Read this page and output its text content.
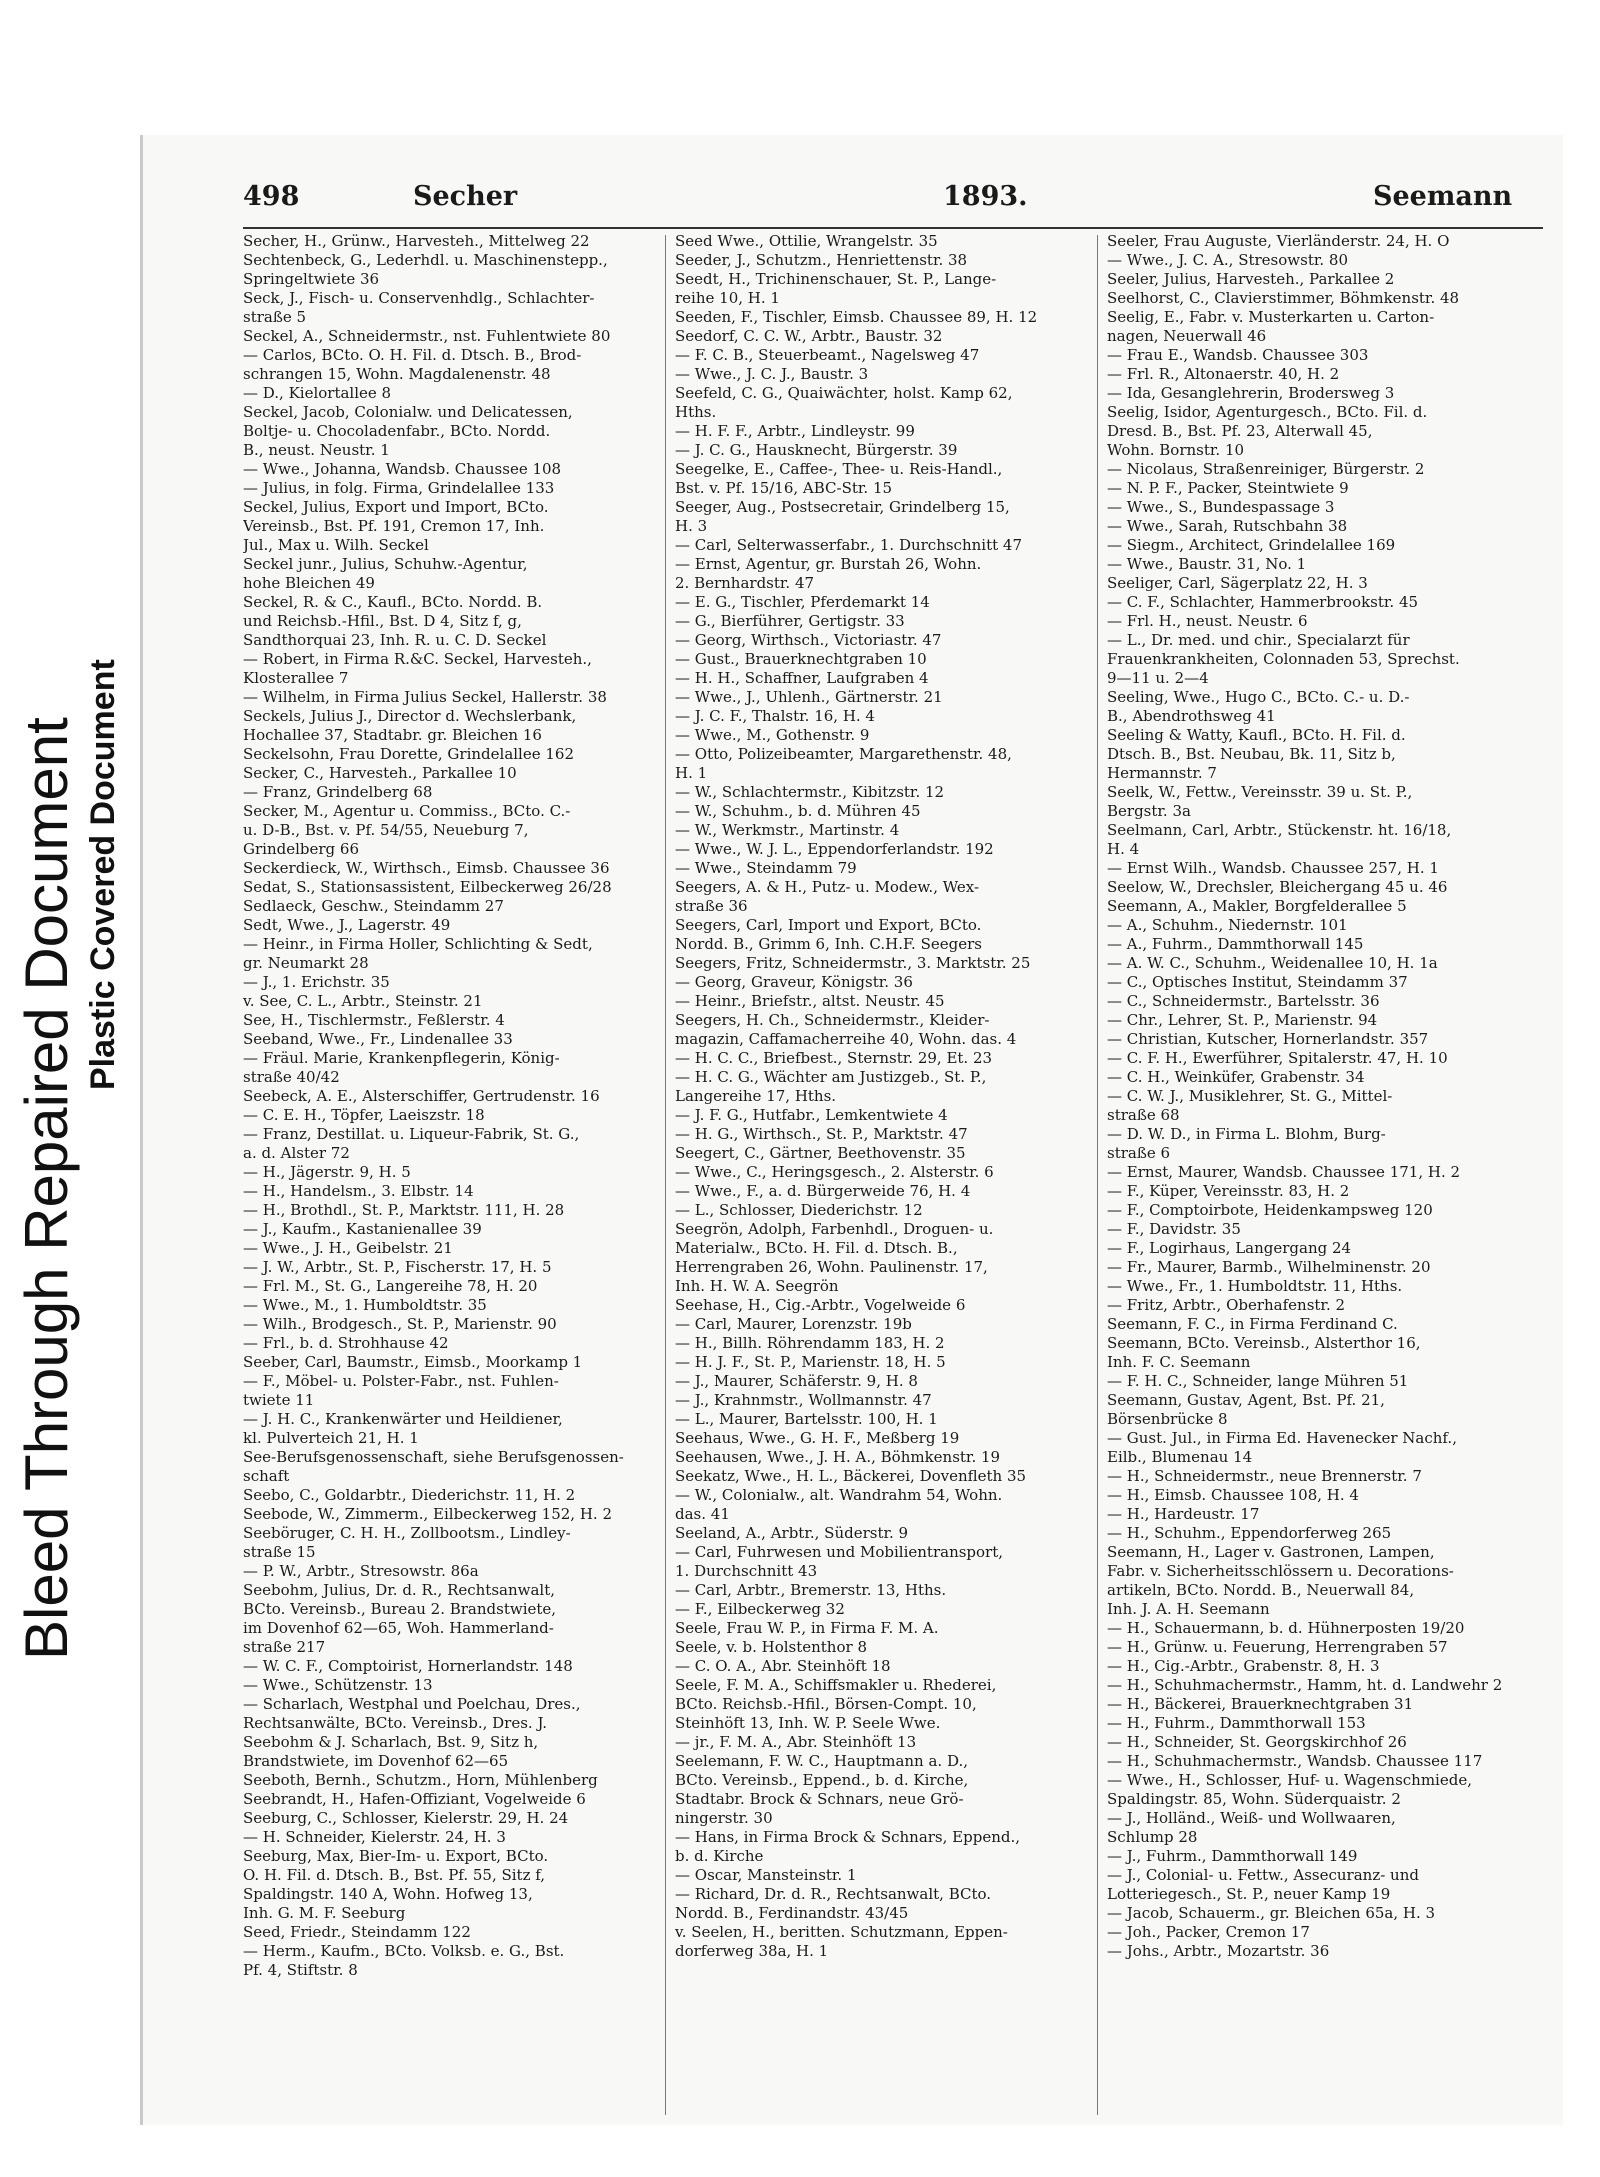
Bleed Through Repaired Document Plastic Covered Document
498	Secher	1893.	Seemann
Secher, H., Grünw., Harvesteh., Mittelweg 22
Sechtenbeck, G., Lederhdl. u. Maschinenstepp.,
Springeltwiete 36
Seck, J., Fisch- u. Conservenhdlg., Schlachter-
straße 5
Seckel, A., Schneidermstr., nst. Fuhlentwiete 80
— Carlos, BCto. O. H. Fil. d. Dtsch. B., Brod-
schrangen 15, Wohn. Magdalenenstr. 48
— D., Kielortallee 8
Seckel, Jacob, Colonialw. und Delicatessen,
Boltje- u. Chocoladenfabr., BCto. Nordd.
B., neust. Neustr. 1
— Wwe., Johanna, Wandsb. Chaussee 108
— Julius, in folg. Firma, Grindelallee 133
Seckel, Julius, Export und Import, BCto.
Vereinsb., Bst. Pf. 191, Cremon 17, Inh.
Jul., Max u. Wilh. Seckel
Seckel junr., Julius, Schuhw.-Agentur,
hohe Bleichen 49
Seckel, R. & C., Kaufl., BCto. Nordd. B.
und Reichsb.-Hfil., Bst. D 4, Sitz f, g,
Sandthorquai 23, Inh. R. u. C. D. Seckel
— Robert, in Firma R.&C. Seckel, Harvesteh.,
Klosterallee 7
— Wilhelm, in Firma Julius Seckel, Hallerstr. 38
Seckels, Julius J., Director d. Wechslerbank,
Hochallee 37, Stadtabr. gr. Bleichen 16
Seckelsohn, Frau Dorette, Grindelallee 162
Secker, C., Harvesteh., Parkallee 10
— Franz, Grindelberg 68
Secker, M., Agentur u. Commiss., BCto. C.-
u. D-B., Bst. v. Pf. 54/55, Neueburg 7,
Grindelberg 66
Seckerdieck, W., Wirthsch., Eimsb. Chaussee 36
Sedat, S., Stationsassistent, Eilbeckerweg 26/28
Sedlaeck, Geschw., Steindamm 27
Sedt, Wwe., J., Lagerstr. 49
— Heinr., in Firma Holler, Schlichting & Sedt,
gr. Neumarkt 28
— J., 1. Erichstr. 35
v. See, C. L., Arbtr., Steinstr. 21
See, H., Tischlermstr., Feßlerstr. 4
Seeband, Wwe., Fr., Lindenallee 33
— Fräul. Marie, Krankenpflegerin, König-
straße 40/42
Seebeck, A. E., Alsterschiffer, Gertrudenstr. 16
— C. E. H., Töpfer, Laeiszstr. 18
— Franz, Destillat. u. Liqueur-Fabrik, St. G.,
a. d. Alster 72
— H., Jägerstr. 9, H. 5
— H., Handelsm., 3. Elbstr. 14
— H., Brothdl., St. P., Marktstr. 111, H. 28
— J., Kaufm., Kastanienallee 39
— Wwe., J. H., Geibelstr. 21
— J. W., Arbtr., St. P., Fischerstr. 17, H. 5
— Frl. M., St. G., Langereihe 78, H. 20
— Wwe., M., 1. Humboldtstr. 35
— Wilh., Brodgesch., St. P., Marienstr. 90
— Frl., b. d. Strohhause 42
Seeber, Carl, Baumstr., Eimsb., Moorkamp 1
— F., Möbel- u. Polster-Fabr., nst. Fuhlen-
twiete 11
— J. H. C., Krankenwärter und Heildiener,
kl. Pulverteich 21, H. 1
See-Berufsgenossenschaft, siehe Berufsgenossen-
schaft
Seebo, C., Goldarbtr., Diederichstr. 11, H. 2
Seebode, W., Zimmerm., Eilbeckerweg 152, H. 2
Seeböruger, C. H. H., Zollbootsm., Lindley-
straße 15
— P. W., Arbtr., Stresowstr. 86a
Seebohm, Julius, Dr. d. R., Rechtsanwalt,
BCto. Vereinsb., Bureau 2. Brandstwiete,
im Dovenhof 62—65, Woh. Hammerland-
straße 217
— W. C. F., Comptoirist, Hornerlandstr. 148
— Wwe., Schützenstr. 13
— Scharlach, Westphal und Poelchau, Dres.,
Rechtsanwälte, BCto. Vereinsb., Dres. J.
Seebohm & J. Scharlach, Bst. 9, Sitz h,
Brandstwiete, im Dovenhof 62—65
Seeboth, Bernh., Schutzm., Horn, Mühlenberg
Seebrandt, H., Hafen-Offiziant, Vogelweide 6
Seeburg, C., Schlosser, Kielerstr. 29, H. 24
— H. Schneider, Kielerstr. 24, H. 3
Seeburg, Max, Bier-Im- u. Export, BCto.
O. H. Fil. d. Dtsch. B., Bst. Pf. 55, Sitz f,
Spaldingstr. 140 A, Wohn. Hofweg 13,
Inh. G. M. F. Seeburg
Seed, Friedr., Steindamm 122
— Herm., Kaufm., BCto. Volksb. e. G., Bst.
Pf. 4, Stiftstr. 8
Seed Wwe., Ottilie, Wrangelstr. 35
Seeder, J., Schutzm., Henriettenstr. 38
Seedt, H., Trichinenschauer, St. P., Lange-
reihe 10, H. 1
Seeden, F., Tischler, Eimsb. Chaussee 89, H. 12
Seedorf, C. C. W., Arbtr., Baustr. 32
— F. C. B., Steuerbeamt., Nagelsweg 47
— Wwe., J. C. J., Baustr. 3
Seefeld, C. G., Quaiwächter, holst. Kamp 62,
Hths.
— H. F. F., Arbtr., Lindleystr. 99
— J. C. G., Hausknecht, Bürgerstr. 39
Seegelke, E., Caffee-, Thee- u. Reis-Handl.,
Bst. v. Pf. 15/16, ABC-Str. 15
Seeger, Aug., Postsecretair, Grindelberg 15,
H. 3
— Carl, Selterwasserfabr., 1. Durchschnitt 47
— Ernst, Agentur, gr. Burstah 26, Wohn.
2. Bernhardstr. 47
— E. G., Tischler, Pferdemarkt 14
— G., Bierführer, Gertigstr. 33
— Georg, Wirthsch., Victoriastr. 47
— Gust., Brauerknechtgraben 10
— H. H., Schaffner, Laufgraben 4
— Wwe., J., Uhlenh., Gärtnerstr. 21
— J. C. F., Thalstr. 16, H. 4
— Wwe., M., Gothenstr. 9
— Otto, Polizeibeamter, Margarethenstr. 48,
H. 1
— W., Schlachtermstr., Kibitzstr. 12
— W., Schuhm., b. d. Mühren 45
— W., Werkmstr., Martinstr. 4
— Wwe., W. J. L., Eppendorferlandstr. 192
— Wwe., Steindamm 79
Seegers, A. & H., Putz- u. Modew., Wex-
straße 36
Seegers, Carl, Import und Export, BCto.
Nordd. B., Grimm 6, Inh. C.H.F. Seegers
Seegers, Fritz, Schneidermstr., 3. Marktstr. 25
— Georg, Graveur, Königstr. 36
— Heinr., Briefstr., altst. Neustr. 45
Seegers, H. Ch., Schneidermstr., Kleider-
magazin, Caffamacherreihe 40, Wohn. das. 4
— H. C. C., Briefbest., Sternstr. 29, Et. 23
— H. C. G., Wächter am Justizgeb., St. P.,
Langereihe 17, Hths.
— J. F. G., Hutfabr., Lemkentwiete 4
— H. G., Wirthsch., St. P., Marktstr. 47
Seegert, C., Gärtner, Beethovenstr. 35
— Wwe., C., Heringsgesch., 2. Alsterstr. 6
— Wwe., F., a. d. Bürgerweide 76, H. 4
— L., Schlosser, Diederichstr. 12
Seegrön, Adolph, Farbenhdl., Droguen- u.
Materialw., BCto. H. Fil. d. Dtsch. B.,
Herrengraben 26, Wohn. Paulinenstr. 17,
Inh. H. W. A. Seegrön
Seehase, H., Cig.-Arbtr., Vogelweide 6
— Carl, Maurer, Lorenzstr. 19b
— H., Billh. Röhrendamm 183, H. 2
— H. J. F., St. P., Marienstr. 18, H. 5
— J., Maurer, Schäferstr. 9, H. 8
— J., Krahnmstr., Wollmannstr. 47
— L., Maurer, Bartelsstr. 100, H. 1
Seehaus, Wwe., G. H. F., Meßberg 19
Seehausen, Wwe., J. H. A., Böhmkenstr. 19
Seekatz, Wwe., H. L., Bäckerei, Dovenfleth 35
— W., Colonialw., alt. Wandrahm 54, Wohn.
das. 41
Seeland, A., Arbtr., Süderstr. 9
— Carl, Fuhrwesen und Mobilientransport,
1. Durchschnitt 43
— Carl, Arbtr., Bremerstr. 13, Hths.
— F., Eilbeckerweg 32
Seele, Frau W. P., in Firma F. M. A.
Seele, v. b. Holstenthor 8
— C. O. A., Abr. Steinhöft 18
Seele, F. M. A., Schiffsmakler u. Rhederei,
BCto. Reichsb.-Hfil., Börsen-Compt. 10,
Steinhöft 13, Inh. W. P. Seele Wwe.
— jr., F. M. A., Abr. Steinhöft 13
Seelemann, F. W. C., Hauptmann a. D.,
BCto. Vereinsb., Eppend., b. d. Kirche,
Stadtabr. Brock & Schnars, neue Grö-
ningerstr. 30
— Hans, in Firma Brock & Schnars, Eppend.,
b. d. Kirche
— Oscar, Mansteinstr. 1
— Richard, Dr. d. R., Rechtsanwalt, BCto.
Nordd. B., Ferdinandstr. 43/45
v. Seelen, H., beritten. Schutzmann, Eppen-
dorferweg 38a, H. 1
Seeler, Frau Auguste, Vierländerstr. 24, H. O
— Wwe., J. C. A., Stresowstr. 80
Seeler, Julius, Harvesteh., Parkallee 2
Seelhorst, C., Clavierstimmer, Böhmkenstr. 48
Seelig, E., Fabr. v. Musterkarten u. Carton-
nagen, Neuerwall 46
— Frau E., Wandsb. Chaussee 303
— Frl. R., Altonaerstr. 40, H. 2
— Ida, Gesanglehrerin, Brodersweg 3
Seelig, Isidor, Agenturgesch., BCto. Fil. d.
Dresd. B., Bst. Pf. 23, Alterwall 45,
Wohn. Bornstr. 10
— Nicolaus, Straßenreiniger, Bürgerstr. 2
— N. P. F., Packer, Steintwiete 9
— Wwe., S., Bundespassage 3
— Wwe., Sarah, Rutschbahn 38
— Siegm., Architect, Grindelallee 169
— Wwe., Baustr. 31, No. 1
Seeliger, Carl, Sägerplatz 22, H. 3
— C. F., Schlachter, Hammerbrookstr. 45
— Frl. H., neust. Neustr. 6
— L., Dr. med. und chir., Specialarzt für
Frauenkrankheiten, Colonnaden 53, Sprechst.
9—11 u. 2—4
Seeling, Wwe., Hugo C., BCto. C.- u. D.-
B., Abendrothsweg 41
Seeling & Watty, Kaufl., BCto. H. Fil. d.
Dtsch. B., Bst. Neubau, Bk. 11, Sitz b,
Hermannstr. 7
Seelk, W., Fettw., Vereinsstr. 39 u. St. P.,
Bergstr. 3a
Seelmann, Carl, Arbtr., Stückenstr. ht. 16/18,
H. 4
— Ernst Wilh., Wandsb. Chaussee 257, H. 1
Seelow, W., Drechsler, Bleichergang 45 u. 46
Seemann, A., Makler, Borgfelderallee 5
— A., Schuhm., Niedernstr. 101
— A., Fuhrm., Dammthorwall 145
— A. W. C., Schuhm., Weidenallee 10, H. 1a
— C., Optisches Institut, Steindamm 37
— C., Schneidermstr., Bartelsstr. 36
— Chr., Lehrer, St. P., Marienstr. 94
— Christian, Kutscher, Hornerlandstr. 357
— C. F. H., Ewerführer, Spitalerstr. 47, H. 10
— C. H., Weinküfer, Grabenstr. 34
— C. W. J., Musiklehrer, St. G., Mittel-
straße 68
— D. W. D., in Firma L. Blohm, Burg-
straße 6
— Ernst, Maurer, Wandsb. Chaussee 171, H. 2
— F., Küper, Vereinsstr. 83, H. 2
— F., Comptoirbote, Heidenkampsweg 120
— F., Davidstr. 35
— F., Logirhaus, Langergang 24
— Fr., Maurer, Barmb., Wilhelminenstr. 20
— Wwe., Fr., 1. Humboldtstr. 11, Hths.
— Fritz, Arbtr., Oberhafenstr. 2
Seemann, F. C., in Firma Ferdinand C.
Seemann, BCto. Vereinsb., Alsterthor 16,
Inh. F. C. Seemann
— F. H. C., Schneider, lange Mühren 51
Seemann, Gustav, Agent, Bst. Pf. 21,
Börsenbrücke 8
— Gust. Jul., in Firma Ed. Havenecker Nachf.,
Eilb., Blumenau 14
— H., Schneidermstr., neue Brennerstr. 7
— H., Eimsb. Chaussee 108, H. 4
— H., Hardeustr. 17
— H., Schuhm., Eppendorferweg 265
Seemann, H., Lager v. Gastronen, Lampen,
Fabr. v. Sicherheitsschlössern u. Decorations-
artikeln, BCto. Nordd. B., Neuerwall 84,
Inh. J. A. H. Seemann
— H., Schauermann, b. d. Hühnerposten 19/20
— H., Grünw. u. Feuerung, Herrengraben 57
— H., Cig.-Arbtr., Grabenstr. 8, H. 3
— H., Schuhmachermstr., Hamm, ht. d. Landwehr 2
— H., Bäckerei, Brauerknechtgraben 31
— H., Fuhrm., Dammthorwall 153
— H., Schneider, St. Georgskirchhof 26
— H., Schuhmachermstr., Wandsb. Chaussee 117
— Wwe., H., Schlosser, Huf- u. Wagenschmiede,
Spaldingstr. 85, Wohn. Süderquaistr. 2
— J., Holländ., Weiß- und Wollwaaren,
Schlump 28
— J., Fuhrm., Dammthorwall 149
— J., Colonial- u. Fettw., Assecuranz- und
Lotteriegesch., St. P., neuer Kamp 19
— Jacob, Schauerm., gr. Bleichen 65a, H. 3
— Joh., Packer, Cremon 17
— Johs., Arbtr., Mozartstr. 36
